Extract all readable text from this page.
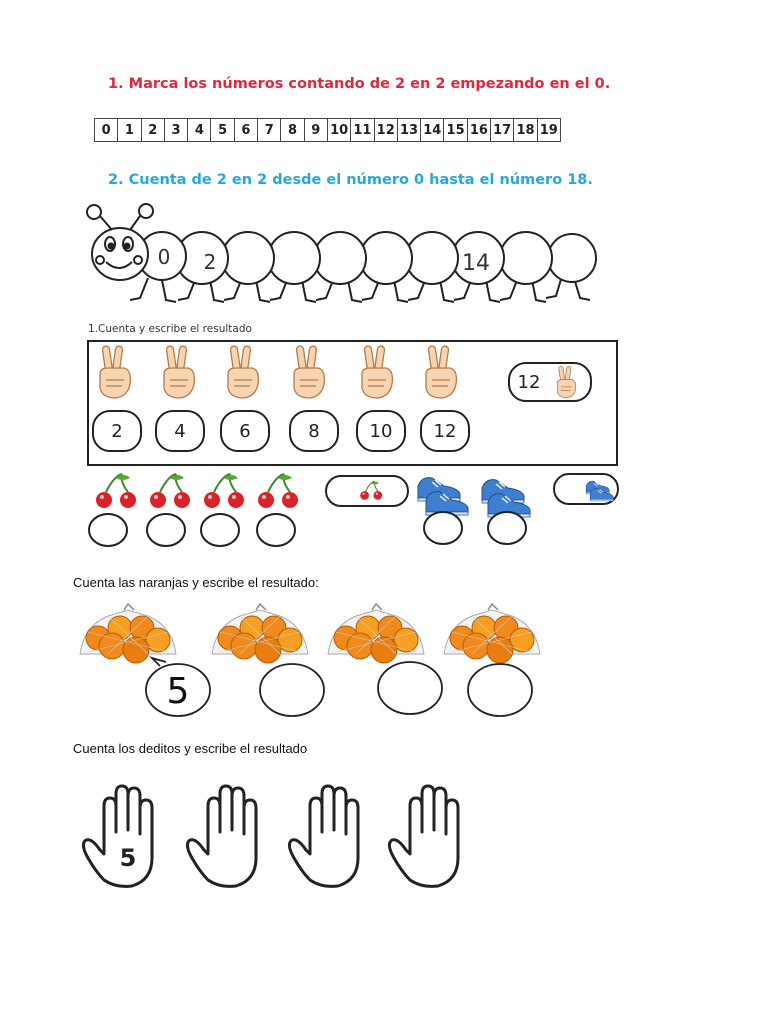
1. Marca los números contando de 2 en 2 empezando en el 0.
0	1	2	3	4	5	6	7	8	9 10 11 12 13 14 15 16 17 18 19
2. Cuenta de 2 en 2 desde el número 0 hasta el número 18.
0 2	14
1.Cuenta y escribe el resultado
12
2	4	6	8	10	12
Cuenta las naranjas y escribe el resultado:
5
Cuenta los deditos y escribe el resultado
5
